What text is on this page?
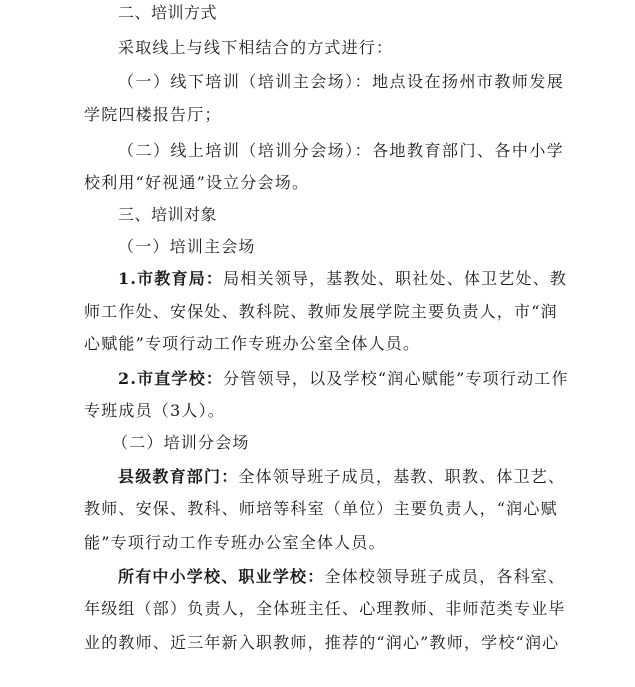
二、培训方式
采取线上与线下相结合的方式进行：
（一）线下培训（培训主会场）：地点设在扬州市教师发展
学院四楼报告厅；
（二）线上培训（培训分会场）：各地教育部门、各中小学
校利用“好视通”设立分会场。
三、培训对象
（一）培训主会场
1.市教育局：局相关领导，基教处、职社处、体卫艺处、教
师工作处、安保处、教科院、教师发展学院主要负责人，市“润
心赋能”专项行动工作专班办公室全体人员。
2.市直学校：分管领导，以及学校“润心赋能”专项行动工作
专班成员（3人）。
（二）培训分会场
县级教育部门：全体领导班子成员，基教、职教、体卫艺、
教师、安保、教科、师培等科室（单位）主要负责人，“润心赋
能”专项行动工作专班办公室全体人员。
所有中小学校、职业学校：全体校领导班子成员，各科室、
年级组（部）负责人，全体班主任、心理教师、非师范类专业毕
业的教师、近三年新入职教师，推荐的“润心”教师，学校“润心
